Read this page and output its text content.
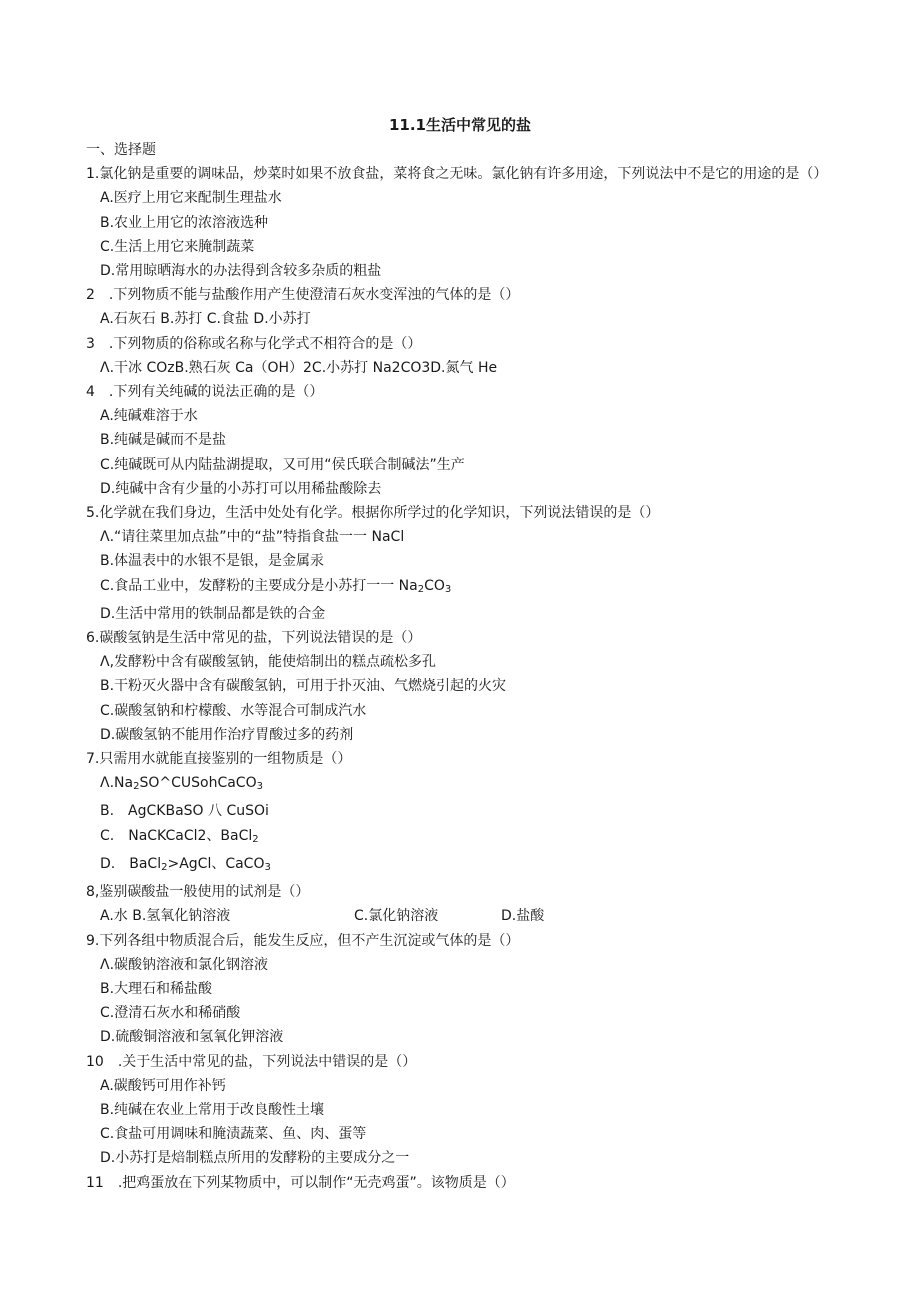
11.1生活中常见的盐
一、选择题
1.氯化钠是重要的调味品，炒菜时如果不放食盐，菜将食之无味。氯化钠有许多用途，下列说法中不是它的用途的是（）
A.医疗上用它来配制生理盐水
B.农业上用它的浓溶液选种
C.生活上用它来腌制蔬菜
D.常用晾晒海水的办法得到含较多杂质的粗盐
2　.下列物质不能与盐酸作用产生使澄清石灰水变浑浊的气体的是（）
A.石灰石 B.苏打 C.食盐 D.小苏打
3　.下列物质的俗称或名称与化学式不相符合的是（）
Λ.干冰 COzB.熟石灰 Ca（OH）2C.小苏打 Na2CO3D.氮气 He
4　.下列有关纯碱的说法正确的是（）
A.纯碱难溶于水
B.纯碱是碱而不是盐
C.纯碱既可从内陆盐湖提取，又可用“侯氏联合制碱法”生产
D.纯碱中含有少量的小苏打可以用稀盐酸除去
5.化学就在我们身边，生活中处处有化学。根据你所学过的化学知识，下列说法错误的是（）
Λ.“请往菜里加点盐”中的“盐”特指食盐一一 NaCl
B.体温表中的水银不是银，是金属汞
C.食品工业中，发酵粉的主要成分是小苏打一一 $Na_2CO_3$
D.生活中常用的铁制品都是铁的合金
6.碳酸氢钠是生活中常见的盐，下列说法错误的是（）
Λ,发酵粉中含有碳酸氢钠，能使焙制出的糕点疏松多孔
B.干粉灭火器中含有碳酸氢钠，可用于扑灭油、气燃烧引起的火灾
C.碳酸氢钠和柠檬酸、水等混合可制成汽水
D.碳酸氢钠不能用作治疗胃酸过多的药剂
7.只需用水就能直接鉴别的一组物质是（）
$\Lambda.Na_2SO\^{}CUSohCaCO_3$
B.　AgCKBaSO 八 CuSOi
C.　NaCKCaCl2、BaCl$_2$
D.　BaCl$_2$>AgCl、CaCO$_3$
8,鉴别碳酸盐一般使用的试剂是（）
A.水 B.氢氧化钠溶液	C.氯化钠溶液	D.盐酸
9.下列各组中物质混合后，能发生反应，但不产生沉淀或气体的是（）
Λ.碳酸钠溶液和氯化钢溶液
B.大理石和稀盐酸
C.澄清石灰水和稀硝酸
D.硫酸铜溶液和氢氧化钾溶液
10　.关于生活中常见的盐，下列说法中错误的是（）
A.碳酸钙可用作补钙
B.纯碱在农业上常用于改良酸性土壤
C.食盐可用调味和腌渍蔬菜、鱼、肉、蛋等
D.小苏打是焙制糕点所用的发酵粉的主要成分之一
11　.把鸡蛋放在下列某物质中，可以制作“无壳鸡蛋”。该物质是（）
